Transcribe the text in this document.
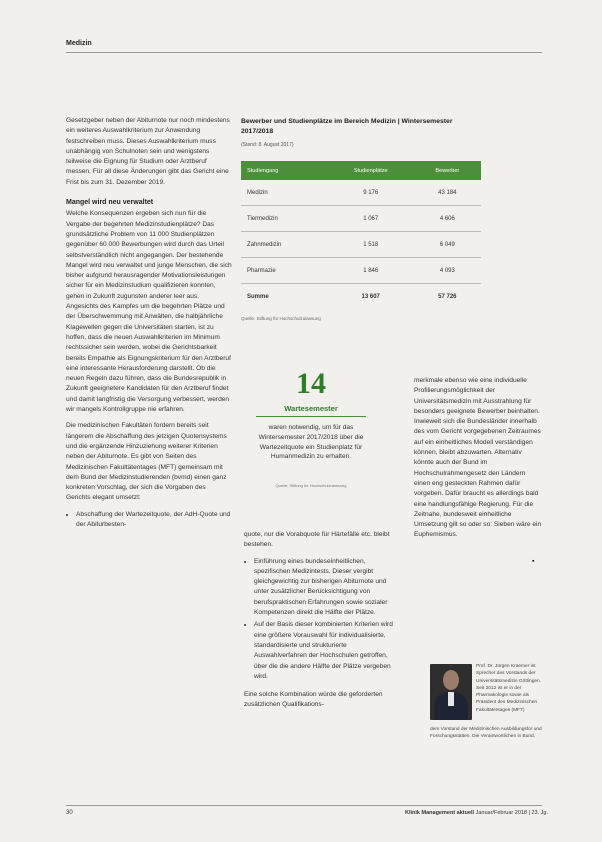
Medizin

Gesetzgeber neben der Abiturnote nur noch mindestens ein weiteres Auswahlkriterium zur Anwendung festschreiben muss. Dieses Auswahlkriterium muss unabhängig von Schulnoten sein und wenigstens teilweise die Eignung für Studium oder Arztberuf messen. Für all diese Änderungen gibt das Gericht eine Frist bis zum 31. Dezember 2019.

Mangel wird neu verwaltet

Welche Konsequenzen ergeben sich nun für die Vergabe der begehrten Medizinstudienplätze? Das grundsätzliche Problem von 11 000 Studienplätzen gegenüber 60 000 Bewerbungen wird durch das Urteil selbstverständlich nicht angegangen. Der bestehende Mangel wird neu verwaltet und junge Menschen, die sich bisher aufgrund herausragender Motivationsleistungen sicher für ein Medizinstudium qualifizieren konnten, gehen in Zukunft zugunsten anderer leer aus. Angesichts des Kampfes um die begehrten Plätze und der Überschwemmung mit Anwälten, die halbjährliche Klagewellen gegen die Universitäten starten, ist zu hoffen, dass die neuen Auswahlkriterien im Minimum rechtssicher sein werden, wobei die Gerichtsbarkeit bereits Empathie als Eignungskriterium für den Arztberuf eine interessante Herausforderung darstellt. Ob die neuen Regeln dazu führen, dass die Bundesrepublik in Zukunft geeignetere Kandidaten für den Arztberuf findet und damit langfristig die Versorgung verbessert, werden wir mangels Kontrollgruppe nie erfahren.

Die medizinischen Fakultäten fordern bereits seit längerem die Abschaffung des jetzigen Quotensystems und die ergänzende Hinzuziehung weiterer Kriterien neben der Abiturnote. Es gibt von Seiten des Medizinischen Fakultätentages (MFT) gemeinsam mit dem Bund der Medizinstudierenden (bvmd) einen ganz konkreten Vorschlag, der sich die Vorgaben des Gerichts elegant umsetzt:

• Abschaffung der Wartezeitquote, der AdH-Quote und der Abiturbesten-
Bewerber und Studienplätze im Bereich Medizin | Wintersemester 2017/2018
(Stand: 8. August 2017)
Studiengang	Studienplätze	Bewerber
Medizin	9 176	43 184
Tiermedizin	1 067	4 606
Zahnmedizin	1 518	6 049
Pharmazie	1 846	4 093
Summe	13 607	57 726
Quelle: Stiftung für Hochschulzulassung
14
Wartesemester
waren notwendig, um für das Wintersemester 2017/2018 über die Wartezeitquote ein Studienplatz für Humanmedizin zu erhalten.
Quelle: Stiftung für Hochschulzulassung

quote, nur die Vorabquote für Härtefälle etc. bleibt bestehen.

• Einführung eines bundeseinheitlichen, spezifischen Medizintests. Dieser vergibt gleichgewichtig zur bisherigen Abiturnote und unter zusätzlicher Berücksichtigung von berufspraktischen Erfahrungen sowie sozialer Kompetenzen direkt die Hälfte der Plätze.
• Auf der Basis dieser kombinierten Kriterien wird eine größere Vorauswahl für individualisierte, standardisierte und strukturierte Auswahlverfahren der Hochschulen getroffen, über die die andere Hälfte der Plätze vergeben wird.

Eine solche Kombination würde die geforderten zusätzlichen Qualifikations-

merkmale ebenso wie eine individuelle Profilierungsmöglichkeit der Universitätsmedizin mit Ausstrahlung für besonders geeignete Bewerber beinhalten. Inwieweit sich die Bundesländer innerhalb des vom Gericht vorgegebenen Zeitraumes auf ein einheitliches Modell verständigen können, bleibt abzuwarten. Alternativ könnte auch der Bund im Hochschulrahmengesetz den Ländern einen eng gesteckten Rahmen dafür vorgeben. Dafür braucht es allerdings bald eine handlungsfähige Regierung. Für die Zeitnahe, bundesweit einheitliche Umsetzung gilt so oder so: Sieben wäre ein Euphemismus.

▪
Prof. Dr. Jürgen Kraemer ist Sprecher des Vorstands der Universitätsmedizin Göttingen. Seit 2012 ist er in der Pharmakologie sowie als Präsident des Medizinischen Fakultätentages (MFT)
dem Vorstand der Medizinischen Ausbildungsfor und Forschungsstätten. Die Verantwortlichen in Bund.
30	Klinik Management aktuell Januar/Februar 2018 | 23. Jg.
